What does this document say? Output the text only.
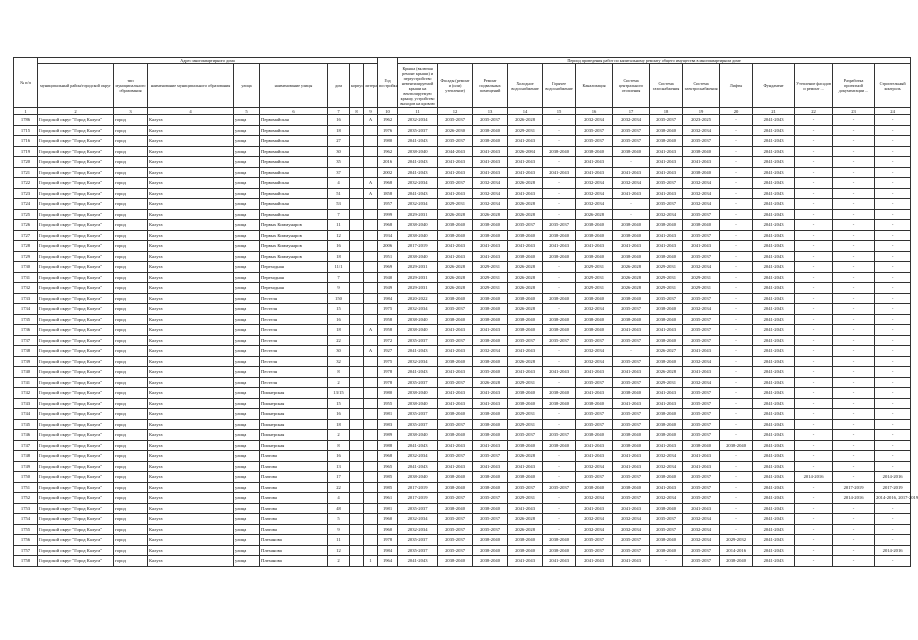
№ п/п	Адрес многоквартирного дома								Год постройки	Период проведения работ по капитальному ремонту общего имущества в многоквартирном доме													
	муниципальный район/городской округ	тип муниципального образования	наименование муниципального образования	улица	наименование улицы	дом	корпус	литера		Крыша (включая ремонт крыши) и переустройство невентилируемой крыши на вентилируемую крышу, устройство выходов на кровлю	Фасады (ремонт и (или) утепление)	Ремонт подвальных помещений	Холодное водоснабжение	Горячее водоснабжение	Канализация	Система центрального отопления	Система газоснабжения	Система электроснабжения	Лифты	Фундамент	Утепление фасадов и ремонт ...	Разработка проектной документации ...	Строительный контроль
1	2	3	4	5	6	7	8	9	10	11	12	13	14	15	16	17	18	19	20	21	22	23	24
1786	Городской округ "Город Калуга"	город	Калуга	улица	Первомайская	16		А	1962	2032-2034	2035-2037	2035-2037	2026-2028	-	2032-2034	2032-2034	2035-2037	2023-2025	-	2041-2043	-	-	-
1715	Городской округ "Город Калуга"	город	Калуга	улица	Первомайская	18			1976	2035-2037	2026-2030	2038-2040	2029-2031	-	2035-2037	2035-2037	2038-2040	2032-2034	-	2041-2043	-	-	-
1716	Городской округ "Город Калуга"	город	Калуга	улица	Первомайская	27			1980	2041-2043	2035-2037	2038-2040	2041-2043	-	2035-2037	2035-2037	2038-2040	2035-2037	-	2041-2043	-	-	-
1719	Городской округ "Город Калуга"	город	Калуга	улица	Первомайская	30			1962	2038-2040	2044-2043	2041-2043	2026-2084	2038-2040	2038-2040	2038-2040	2041-2043	2038-2040	-	2041-2043	-	-	-
1720	Городской округ "Город Калуга"	город	Калуга	улица	Первомайская	35			2016	2041-2043	2041-2043	2041-2043	2041-2043	-	2041-2043	-	2041-2043	2041-2043	-	2041-2043	-	-	-
1721	Городской округ "Город Калуга"	город	Калуга	улица	Первомайская	37			2002	2041-2043	2041-2043	2041-2043	2041-2043	2041-2043	2041-2043	2041-2043	2041-2043	2038-2040	-	2041-2043	-	-	-
1722	Городской округ "Город Калуга"	город	Калуга	улица	Первомайская	4		А	1968	2032-2034	2035-2037	2032-2034	2026-2028	-	2032-2034	2032-2034	2035-2037	2032-2034	-	2041-2043	-	-	-
1723	Городской округ "Город Калуга"	город	Калуга	улица	Первомайская	51		А	1858	2041-2043	2041-2043	2032-2034	2041-2043	-	2032-2034	2041-2043	2041-2043	2032-2034	-	2041-2043	-	-	-
1724	Городской округ "Город Калуга"	город	Калуга	улица	Первомайская	53			1957	2032-2034	2029-2031	2032-2034	2026-2028	-	2032-2034	-	2035-2037	2032-2034	-	2041-2043	-	-	-
1725	Городской округ "Город Калуга"	город	Калуга	улица	Первомайская	7			1999	2029-2031	2026-2028	2026-2028	2026-2028	-	2026-2028	-	2032-2034	2035-2037	-	2041-2043	-	-	-
1726	Городской округ "Город Калуга"	город	Калуга	улица	Первых Коммунаров	11			1968	2038-2040	2038-2040	2038-2040	2035-2037	2035-2037	2038-2040	2038-2040	2038-2040	2038-2040	-	2041-2043	-	-	-
1727	Городской округ "Город Калуга"	город	Калуга	улица	Первых Коммунаров	12			1934	2038-2040	2038-2040	2038-2040	2038-2040	2038-2040	2038-2040	2038-2040	2041-2043	2035-2037	-	2041-2043	-	-	-
1728	Городской округ "Город Калуга"	город	Калуга	улица	Первых Коммунаров	16			2006	2017-2019	2041-2043	2041-2043	2041-2043	2041-2043	2041-2043	2041-2043	2041-2043	2041-2043	-	2041-2043	-	-	-
1729	Городской округ "Город Калуга"	город	Калуга	улица	Первых Коммунаров	18			1951	2038-2040	2041-2043	2041-2043	2038-2040	2038-2040	2038-2040	2038-2040	2038-2040	2035-2037	-	2041-2043	-	-	-
1730	Городской округ "Город Калуга"	город	Калуга	улица	Переходная	11/1			1969	2029-2031	2026-2028	2029-2031	2026-2028	-	2029-2031	2026-2028	2029-2031	2032-2034	-	2041-2043	-	-	-
1731	Городской округ "Город Калуга"	город	Калуга	улица	Переходная	7			1940	2029-2031	2026-2028	2029-2031	2026-2028	-	2029-2031	2026-2028	2029-2031	2029-2031	-	2041-2043	-	-	-
1732	Городской округ "Город Калуга"	город	Калуга	улица	Переходная	9			1949	2029-2031	2026-2028	2029-2031	2026-2028	-	2029-2031	2026-2028	2029-2031	2029-2031	-	2041-2043	-	-	-
1733	Городской округ "Город Калуга"	город	Калуга	улица	Пестеля	150			1984	2020-2022	2038-2040	2038-2040	2038-2040	2038-2040	2038-2040	2038-2040	2035-2037	2035-2037	-	2041-2043	-	-	-
1734	Городской округ "Город Калуга"	город	Калуга	улица	Пестеля	15			1975	2032-2034	2035-2037	2038-2040	2026-2028	-	2032-2034	2035-2037	2038-2040	2032-2034	-	2041-2043	-	-	-
1735	Городской округ "Город Калуга"	город	Калуга	улица	Пестеля	16			1958	2038-2040	2038-2040	2038-2040	2038-2040	2038-2040	2038-2040	2038-2040	2038-2040	2035-2037	-	2041-2043	-	-	-
1736	Городской округ "Город Калуга"	город	Калуга	улица	Пестеля	18		А	1958	2038-2040	2041-2043	2041-2043	2038-2040	2038-2040	2038-2040	2041-2043	2041-2043	2035-2037	-	2041-2043	-	-	-
1737	Городской округ "Город Калуга"	город	Калуга	улица	Пестеля	22			1972	2035-2037	2035-2037	2038-2040	2035-2037	2035-2037	2035-2037	2035-2037	2038-2040	2035-2037	-	2041-2043	-	-	-
1738	Городской округ "Город Калуга"	город	Калуга	улица	Пестеля	30		А	1927	2041-2043	2041-2043	2032-2034	2041-2043	-	2032-2034	-	2026-2027	2041-2043	-	2041-2043	-	-	-
1739	Городской округ "Город Калуга"	город	Калуга	улица	Пестеля	32			1975	2032-2034	2038-2040	2038-2040	2026-2028	-	2032-2034	2035-2037	2038-2040	2032-2034	-	2041-2043	-	-	-
1740	Городской округ "Город Калуга"	город	Калуга	улица	Пестеля	8			1978	2041-2043	2041-2043	2035-2040	2041-2043	2041-2043	2041-2043	2041-2043	2026-2028	2041-2043	-	2041-2043	-	-	-
1741	Городской округ "Город Калуга"	город	Калуга	улица	Пестеля	2			1978	2035-2037	2035-2037	2026-2028	2029-2031	-	2035-2037	2035-2037	2029-2031	2032-2034	-	2041-2043	-	-	-
1742	Городской округ "Город Калуга"	город	Калуга	улица	Пионерская	13/15			1980	2038-2040	2041-2043	2041-2043	2038-2040	2038-2040	2041-2043	2038-2040	2041-2043	2035-2037	-	2041-2043	-	-	-
1743	Городской округ "Город Калуга"	город	Калуга	улица	Пионерская	15			1955	2038-2040	2041-2043	2041-2043	2038-2040	2038-2040	2038-2040	2041-2043	2041-2043	2035-2037	-	2041-2043	-	-	-
1744	Городской округ "Город Калуга"	город	Калуга	улица	Пионерская	16			1981	2035-2037	2038-2040	2038-2040	2029-2031	-	2035-2037	2035-2037	2038-2040	2035-2037	-	2041-2043	-	-	-
1745	Городской округ "Город Калуга"	город	Калуга	улица	Пионерская	18			1983	2035-2037	2035-2037	2038-2040	2029-2031	-	2035-2037	2035-2037	2038-2040	2035-2037	-	2041-2043	-	-	-
1746	Городской округ "Город Калуга"	город	Калуга	улица	Пионерская	2			1989	2038-2040	2038-2040	2038-2040	2035-2037	2035-2037	2038-2040	2038-2040	2038-2040	2035-2037	-	2041-2043	-	-	-
1747	Городской округ "Город Калуга"	город	Калуга	улица	Пионерская	8			1988	2041-2043	2041-2043	2041-2043	2038-2040	2038-2040	2041-2043	2038-2040	2041-2043	2038-2040	2038-2040	2041-2043	-	-	-
1748	Городской округ "Город Калуга"	город	Калуга	улица	Платова	16			1968	2032-2034	2035-2037	2035-2037	2026-2028	-	2041-2043	2041-2043	2032-2034	2041-2043	-	2041-2043	-	-	-
1749	Городской округ "Город Калуга"	город	Калуга	улица	Платова	13			1965	2041-2043	2041-2043	2041-2043	2041-2043	-	2032-2034	2041-2043	2032-2034	2041-2043	-	2041-2043	-	-	-
1750	Городской округ "Город Калуга"	город	Калуга	улица	Платова	17			1985	2038-2040	2038-2040	2038-2040	2038-2040	-	2035-2037	2035-2037	2038-2040	2035-2037	-	2041-2043	2014-2016	-	2014-2016
1751	Городской округ "Город Калуга"	город	Калуга	улица	Платова	22			1985	2017-2019	2038-2040	2038-2040	2035-2037	2035-2037	2038-2040	2038-2040	2041-2043	2035-2037	-	2041-2043	-	2017-2019	2017-2019
1752	Городской округ "Город Калуга"	город	Калуга	улица	Платова	4			1961	2017-2019	2035-2037	2035-2037	2029-2031	-	2032-2034	2035-2037	2032-2034	2035-2037	-	2041-2043	-	2014-2016	2014-2016, 2017-2019
1753	Городской округ "Город Калуга"	город	Калуга	улица	Платова	48			1981	2035-2037	2038-2040	2038-2040	2041-2043	-	2041-2043	2041-2043	2038-2040	2041-2043	-	2041-2043	-	-	-
1754	Городской округ "Город Калуга"	город	Калуга	улица	Платова	5			1960	2032-2034	2035-2037	2035-2037	2026-2028	-	2032-2034	2032-2034	2035-2037	2032-2034	-	2041-2043	-	-	-
1755	Городской округ "Город Калуга"	город	Калуга	улица	Платова	9			1960	2032-2034	2035-2037	2035-2037	2026-2028	-	2032-2034	2032-2034	2035-2037	2032-2034	-	2041-2043	-	-	-
1756	Городской округ "Город Калуга"	город	Калуга	улица	Плеханова	11			1978	2035-2037	2035-2037	2038-2040	2038-2040	2038-2040	2035-2037	2035-2037	2038-2040	2032-2034	2029-2032	2041-2043	-	-	-
1757	Городской округ "Город Калуга"	город	Калуга	улица	Плеханова	12			1984	2035-2037	2035-2037	2038-2040	2038-2040	2038-2040	2035-2037	2035-2037	2038-2040	2035-2037	2014-2016	2041-2043	-	-	2014-2016
1758	Городской округ "Город Калуга"	город	Калуга	улица	Плеханова	2		1	1964	2041-2043	2038-2040	2038-2040	2041-2043	2041-2043	2041-2043	2041-2043	-	2035-2037	2038-2040	2041-2043	-	-	-
